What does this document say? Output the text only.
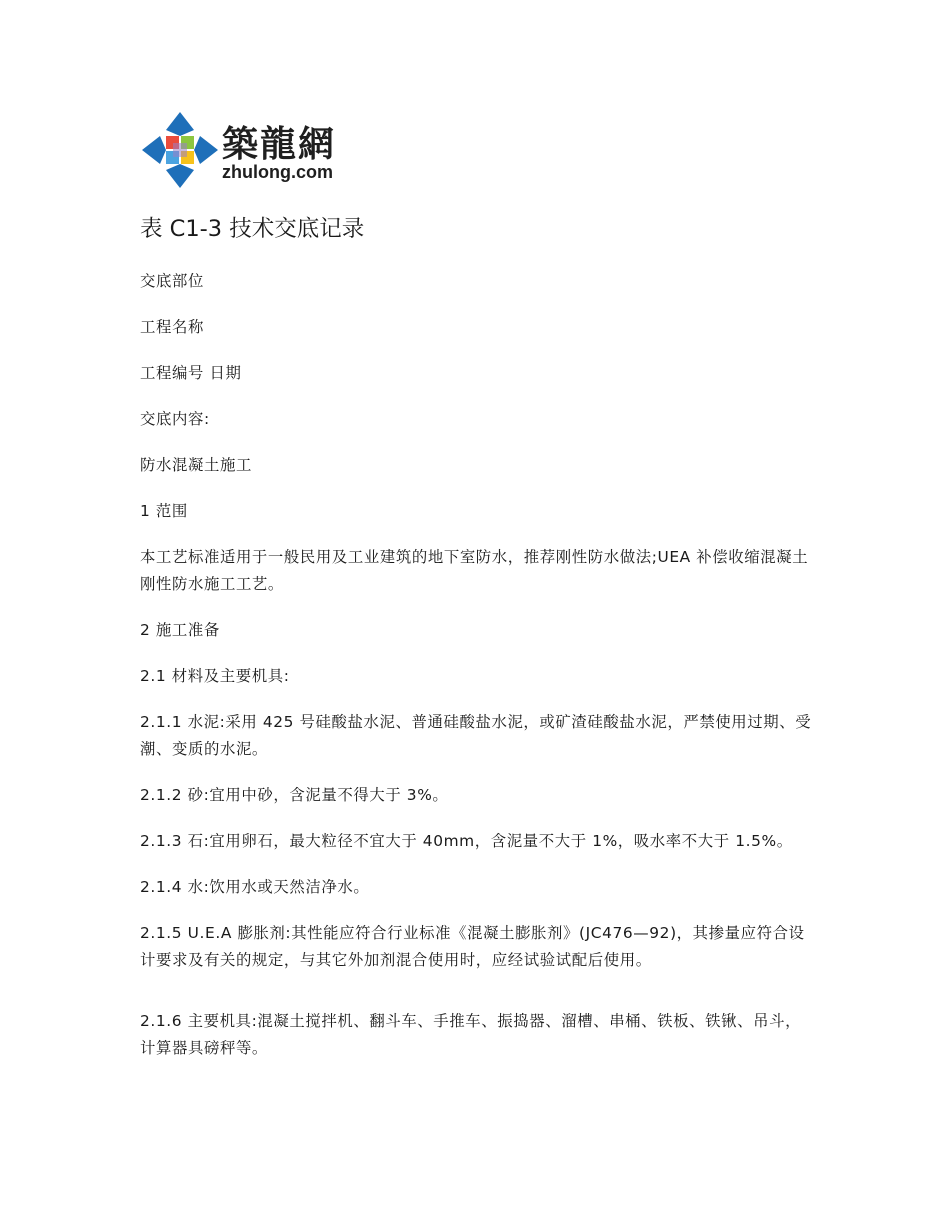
築龍網
zhulong.com
表 C1-3 技术交底记录
交底部位
工程名称
工程编号 日期
交底内容:
防水混凝土施工
1 范围
本工艺标准适用于一般民用及工业建筑的地下室防水，推荐刚性防水做法;UEA 补偿收缩混凝土刚性防水施工工艺。
2 施工准备
2.1 材料及主要机具:
2.1.1 水泥:采用 425 号硅酸盐水泥、普通硅酸盐水泥，或矿渣硅酸盐水泥，严禁使用过期、受潮、变质的水泥。
2.1.2 砂:宜用中砂，含泥量不得大于 3%。
2.1.3 石:宜用卵石，最大粒径不宜大于 40mm，含泥量不大于 1%，吸水率不大于 1.5%。
2.1.4 水:饮用水或天然洁净水。
2.1.5 U.E.A 膨胀剂:其性能应符合行业标准《混凝土膨胀剂》(JC476—92)，其掺量应符合设计要求及有关的规定，与其它外加剂混合使用时，应经试验试配后使用。
2.1.6 主要机具:混凝土搅拌机、翻斗车、手推车、振捣器、溜槽、串桶、铁板、铁锹、吊斗，计算器具磅秤等。
